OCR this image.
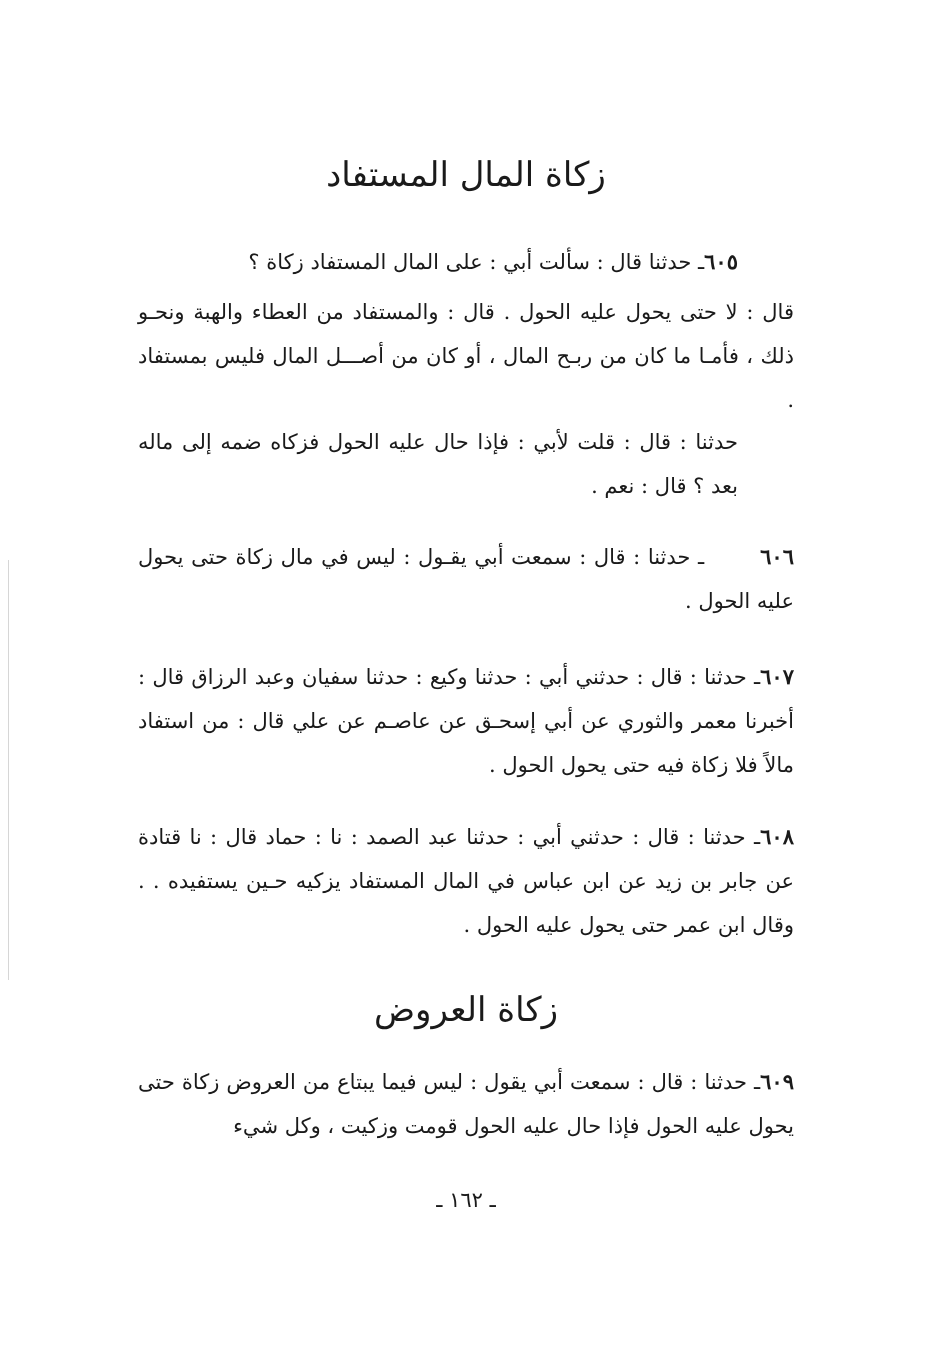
زكاة المال المستفاد
٦٠٥ـ حدثنا قال : سألت أبي : على المال المستفاد زكاة ؟
قال : لا حتى يحول عليه الحول . قال : والمستفاد من العطاء والهبة ونحـو ذلك ، فأمـا ما كان من ربـح المال ، أو كان من أصـــل المال فليس بمستفاد .
حدثنا : قال : قلت لأبي : فإذا حال عليه الحول فزكاه ضمه إلى ماله بعد ؟ قال : نعم .
٦٠٦ـ حدثنا : قال : سمعت أبي يقـول : ليس في مال زكاة حتى يحول عليه الحول .
٦٠٧ـ حدثنا : قال : حدثني أبي : حدثنا وكيع : حدثنا سفيان وعبد الرزاق قال : أخبرنا معمر والثوري عن أبي إسحـق عن عاصـم عن علي قال : من استفاد مالاً فلا زكاة فيه حتى يحول الحول .
٦٠٨ـ حدثنا : قال : حدثني أبي : حدثنا عبد الصمد : نا : حماد قال : نا قتادة عن جابر بن زيد عن ابن عباس في المال المستفاد يزكيه حـين يستفيده . . وقال ابن عمر حتى يحول عليه الحول .
زكاة العروض
٦٠٩ـ حدثنا : قال : سمعت أبي يقول : ليس فيما يبتاع من العروض زكاة حتى يحول عليه الحول فإذا حال عليه الحول قومت وزكيت ، وكل شيء
ـ ١٦٢ ـ
